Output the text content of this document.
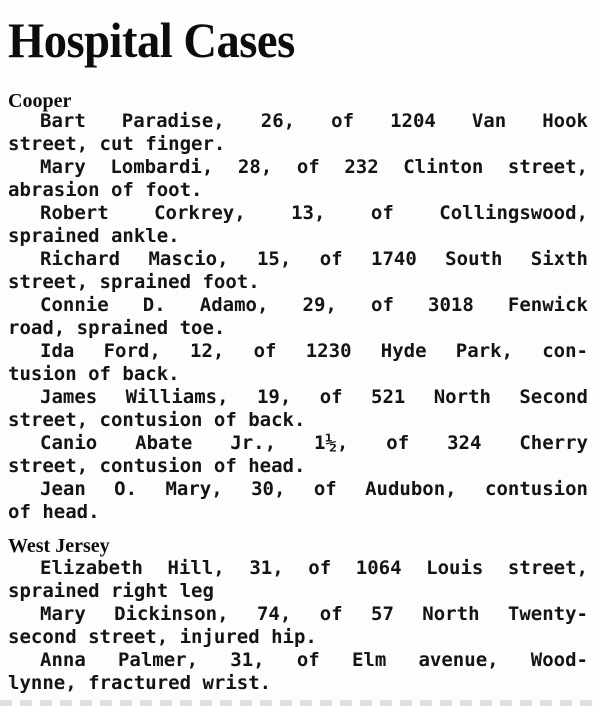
Hospital Cases
Cooper
Bart Paradise, 26, of 1204 Van Hook
street, cut finger.
Mary Lombardi, 28, of 232 Clinton street,
abrasion of foot.
Robert Corkrey, 13, of Collingswood,
sprained ankle.
Richard Mascio, 15, of 1740 South Sixth
street, sprained foot.
Connie D. Adamo, 29, of 3018 Fenwick
road, sprained toe.
Ida Ford, 12, of 1230 Hyde Park, con-
tusion of back.
James Williams, 19, of 521 North Second
street, contusion of back.
Canio Abate Jr., 1½, of 324 Cherry
street, contusion of head.
Jean O. Mary, 30, of Audubon, contusion
of head.
West Jersey
Elizabeth Hill, 31, of 1064 Louis street,
sprained right leg
Mary Dickinson, 74, of 57 North Twenty-
second street, injured hip.
Anna Palmer, 31, of Elm avenue, Wood-
lynne, fractured wrist.
